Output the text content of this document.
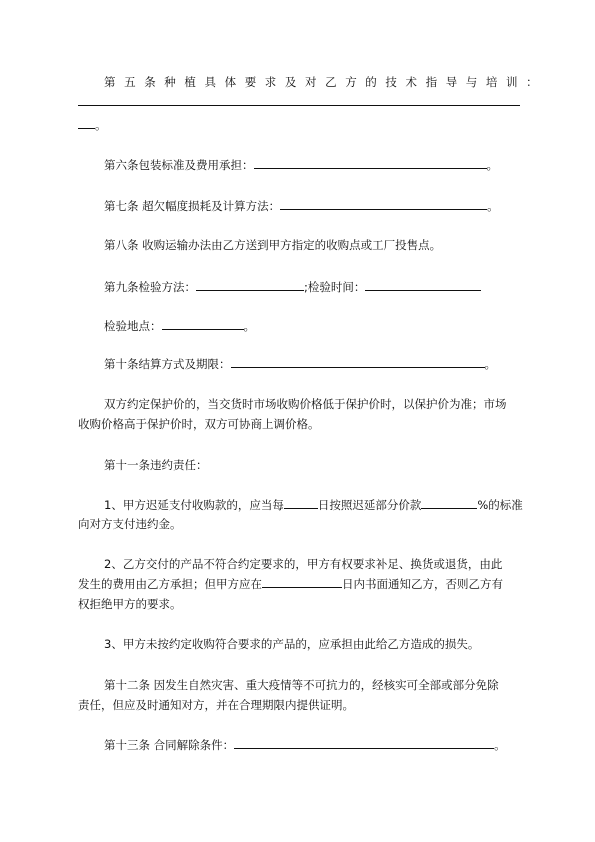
第五条种植具体要求及对乙方的技术指导与培训：
。
第六条包装标准及费用承担：	。
第七条 超欠幅度损耗及计算方法：	。
第八条 收购运输办法由乙方送到甲方指定的收购点或工厂投售点。
第九条检验方法：	;检验时间：
检验地点：	。
第十条结算方式及期限：	。
双方约定保护价的，当交货时市场收购价格低于保护价时，以保护价为准；市场
收购价格高于保护价时，双方可协商上调价格。
第十一条违约责任：
1、甲方迟延支付收购款的，应当每	日按照迟延部分价款	%的标准
向对方支付违约金。
2、乙方交付的产品不符合约定要求的，甲方有权要求补足、换货或退货，由此
发生的费用由乙方承担；但甲方应在	日内书面通知乙方，否则乙方有
权拒绝甲方的要求。
3、甲方未按约定收购符合要求的产品的，应承担由此给乙方造成的损失。
第十二条 因发生自然灾害、重大疫情等不可抗力的，经核实可全部或部分免除
责任，但应及时通知对方，并在合理期限内提供证明。
第十三条 合同解除条件：	。
